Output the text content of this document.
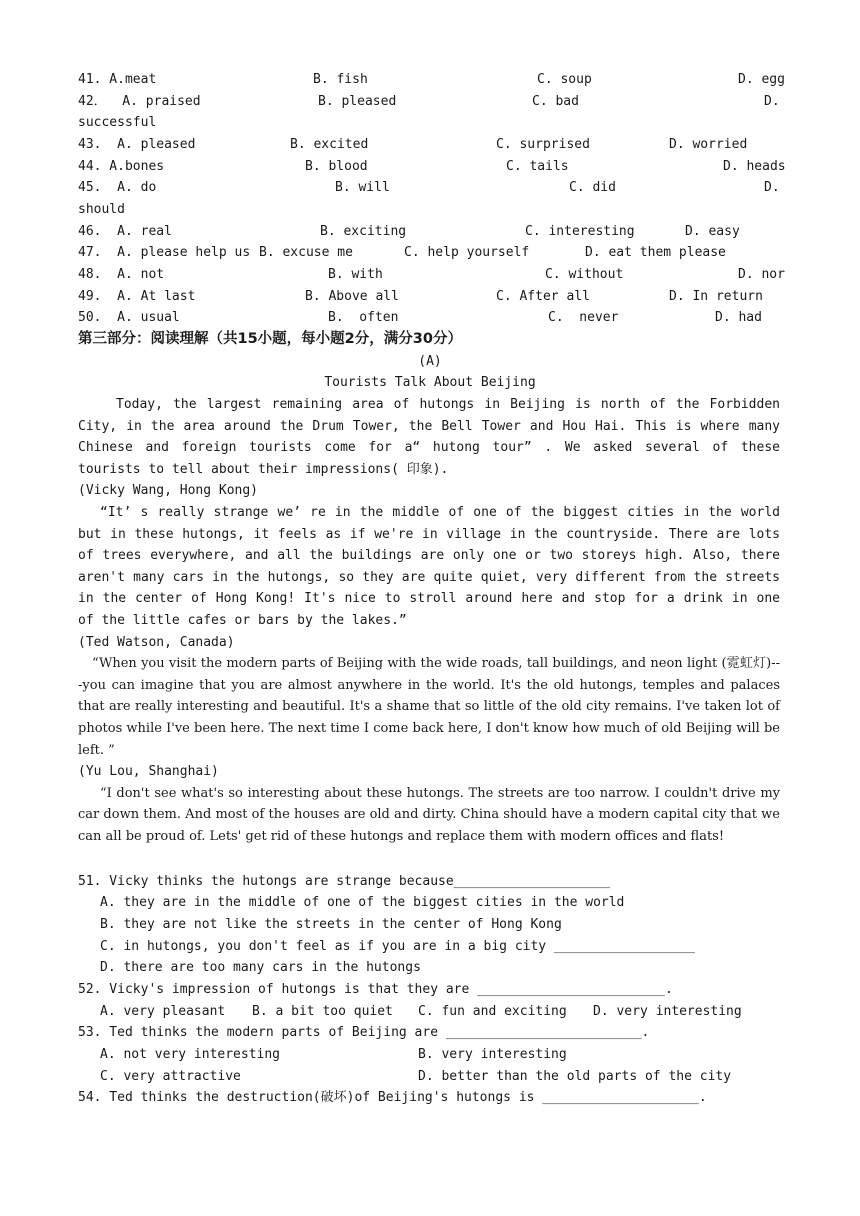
41. A.meat

	B. fish

	C. soup

	D. egg

42．  A. praised

	B. pleased

	C. bad

	D.

successful

43.  A. pleased

	B. excited

	C. surprised

	D. worried

44. A.bones

	B. blood

	C. tails

	D. heads

45.  A. do

	B. will

	C. did

	D.

should

46.  A. real

	B. exciting

	C. interesting

	D. easy

47.  A. please help us

B. excuse me

	C. help yourself

	D. eat them please

48.  A. not

	B. with

	C. without

	D. nor

49.  A. At last

	B. Above all

	C. After all

	D. In return

50.  A. usual

	B.  often

	C.  never

	D. had

第三部分：阅读理解（共15小题，每小题2分，满分30分）
(A)
Tourists Talk About Beijing
Today, the largest remaining area of hutongs in Beijing is north of the Forbidden City, in the area around the Drum Tower, the Bell Tower and Hou Hai. This is where many Chinese and foreign tourists come for a“ hutong tour” . We asked several of these tourists to tell about their impressions( 印象).
(Vicky Wang, Hong Kong)
“It’ s really strange we’ re in the middle of one of the biggest cities in the world but in these hutongs, it feels as if we're in village in the countryside. There are lots of trees everywhere, and all the buildings are only one or two storeys high. Also, there aren't many cars in the hutongs, so they are quite quiet, very different from the streets in the center of Hong Kong! It's nice to stroll around here and stop for a drink in one of the little cafes or bars by the lakes.”
(Ted Watson, Canada)
“When you visit the modern parts of Beijing with the wide roads, tall buildings, and neon light (霓虹灯)---you can imagine that you are almost anywhere in the world. It's the old hutongs, temples and palaces that are really interesting and beautiful. It's a shame that so little of the old city remains. I've taken lot of photos while I've been here. The next time I come back here, I don't know how much of old Beijing will be left. ”
(Yu Lou, Shanghai)
“I don't see what's so interesting about these hutongs. The streets are too narrow. I couldn't drive my car down them. And most of the houses are old and dirty. China should have a modern capital city that we can all be proud of. Lets' get rid of these hutongs and replace them with modern offices and flats!

51. Vicky thinks the hutongs are strange because____________________

A. they are in the middle of one of the biggest cities in the world

B. they are not like the streets in the center of Hong Kong

C. in hutongs, you don't feel as if you are in a big city __________________

D. there are too many cars in the hutongs

52. Vicky's impression of hutongs is that they are ________________________.

A. very pleasant

B. a bit too quiet

C. fun and exciting

D. very interesting

53. Ted thinks the modern parts of Beijing are _________________________.

A. not very interesting

	B. very interesting

C. very attractive

	D. better than the old parts of the city

54. Ted thinks the destruction(破坏)of Beijing's hutongs is ____________________.
